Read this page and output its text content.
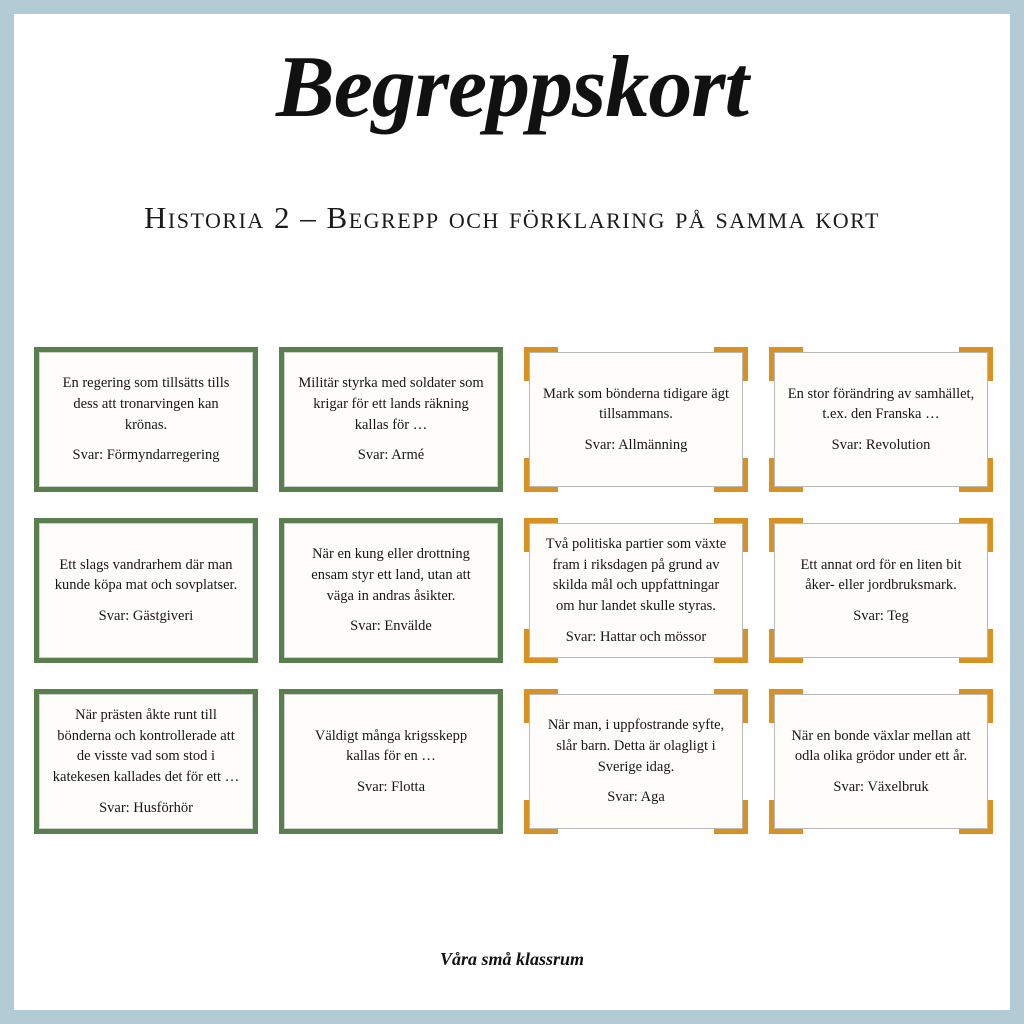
Begreppskort
Historia 2 – Begrepp och förklaring på samma kort

En regering som tillsätts tills dess att tronarvingen kan krönas.

Svar: Förmyndarregering

Militär styrka med soldater som krigar för ett lands räkning kallas för …

Svar: Armé

Mark som bönderna tidigare ägt tillsammans.

Svar: Allmänning

En stor förändring av samhället, t.ex. den Franska …

Svar: Revolution

Ett slags vandrarhem där man kunde köpa mat och sovplatser.

Svar: Gästgiveri

När en kung eller drottning ensam styr ett land, utan att väga in andras åsikter.

Svar: Envälde

Två politiska partier som växte fram i riksdagen på grund av skilda mål och uppfattningar om hur landet skulle styras.

Svar: Hattar och mössor

Ett annat ord för en liten bit åker- eller jordbruksmark.

Svar: Teg

När prästen åkte runt till bönderna och kontrollerade att de visste vad som stod i katekesen kallades det för ett …

Svar: Husförhör

Väldigt många krigsskepp kallas för en …

Svar: Flotta

När man, i uppfostrande syfte, slår barn. Detta är olagligt i Sverige idag.

Svar: Aga

När en bonde växlar mellan att odla olika grödor under ett år.

Svar: Växelbruk

Våra små klassrum
